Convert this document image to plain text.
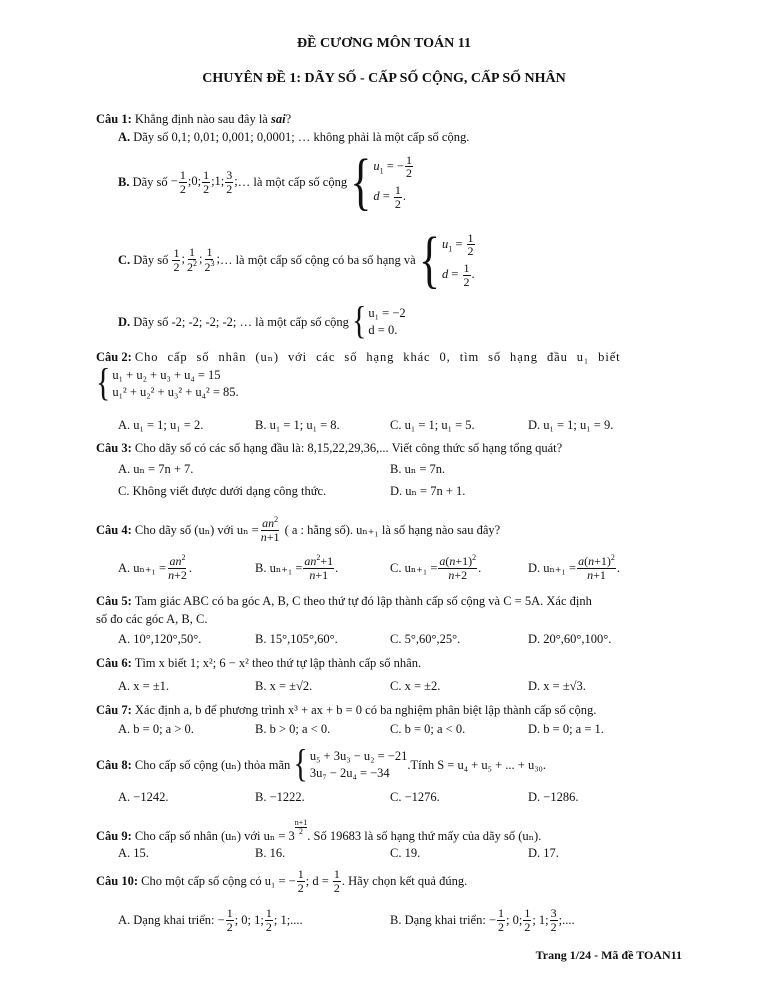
ĐỀ CƯƠNG MÔN TOÁN 11
CHUYÊN ĐỀ 1: DÃY SỐ - CẤP SỐ CỘNG, CẤP SỐ NHÂN
Câu 1: Khẳng định nào sau đây là sai?
A. Dãy số 0,1; 0,01; 0,001; 0,0001; … không phải là một cấp số cộng.
B.
Dãy số
− $\frac{1}{2}$ ;0; $\frac{1}{2}$ ;1; $\frac{3}{2}$ ; … là một cấp số cộng
{ $u_1$ = − $\frac{1}{2}$
$d = \frac{1}{2}$ .
C.
Dãy số
$\frac{1}{2}$ ; $\frac{1}{2^2}$ ; $\frac{1}{2^3}$ ; … là một cấp số cộng có ba số hạng và
{ $u_1 = \frac{1}{2}$
$d = \frac{1}{2}$ .
D.
Dãy số -2; -2; -2; -2; … là một cấp số cộng
{ u₁ = −2
d = 0.
Câu 2:
Cho cấp số nhân (uₙ) với các số hạng khác 0, tìm số hạng đầu u₁ biết
{ u₁ + u₂ + u₃ + u₄ = 15
u₁² + u₂² + u₃² + u₄² = 85.
A. u₁ = 1; u₁ = 2.	B. u₁ = 1; u₁ = 8.	C. u₁ = 1; u₁ = 5.	D. u₁ = 1; u₁ = 9.
Câu 3: Cho dãy số có các số hạng đầu là: 8,15,22,29,36,... Viết công thức số hạng tổng quát?
A. uₙ = 7n + 7.	B. uₙ = 7n.
C. Không viết được dưới dạng công thức.	D. uₙ = 7n + 1.
Câu 4:
Cho dãy số (uₙ) với $u_n = \frac{an^2}{n+1}$
( a : hằng số). uₙ₊₁ là số hạng nào sau đây?
A. $u_{n+1} = \frac{an^2}{n+2}$ .	B. $u_{n+1} = \frac{an^2+1}{n+1}$ .	C. $u_{n+1} = \frac{a(n+1)^2}{n+2}$ .	D. $u_{n+1} = \frac{a(n+1)^2}{n+1}$ .
Câu 5: Tam giác ABC có ba góc A, B, C theo thứ tự đó lập thành cấp số cộng và C = 5A. Xác định
số đo các góc A, B, C.
A. 10°,120°,50°.	B. 15°,105°,60°.	C. 5°,60°,25°.	D. 20°,60°,100°.
Câu 6: Tìm x biết 1; x²; 6 − x² theo thứ tự lập thành cấp số nhân.
A. x = ±1.	B. x = ±√2.	C. x = ±2.	D. x = ±√3.
Câu 7: Xác định a, b để phương trình x³ + ax + b = 0 có ba nghiệm phân biệt lập thành cấp số cộng.
A. b = 0; a > 0.	B. b > 0; a < 0.	C. b = 0; a < 0.	D. b = 0; a = 1.
Câu 8:
Cho cấp số cộng (uₙ) thỏa mãn
{ u₅ + 3u₃ − u₂ = −21
3u₇ − 2u₄ = −34
.Tính S = u₄ + u₅ + ... + u₃₀.
A. −1242.	B. −1222.	C. −1276.	D. −1286.
Câu 9:
Cho cấp số nhân (uₙ) với uₙ = 3
n+1
2 . Số 19683 là số hạng thứ mấy của dãy số (uₙ).
A. 15.	B. 16.	C. 19.	D. 17.
Câu 10:
Cho một cấp số cộng có u₁ = − $\frac{1}{2}$ ; d =
$\frac{1}{2}$ . Hãy chọn kết quả đúng.
A. Dạng khai triển: − $\frac{1}{2}$ ; 0; 1; $\frac{1}{2}$ ; 1;....	B. Dạng khai triển: − $\frac{1}{2}$ ; 0; $\frac{1}{2}$ ; 1; $\frac{3}{2}$ ;....
Trang 1/24 - Mã đề TOAN11
